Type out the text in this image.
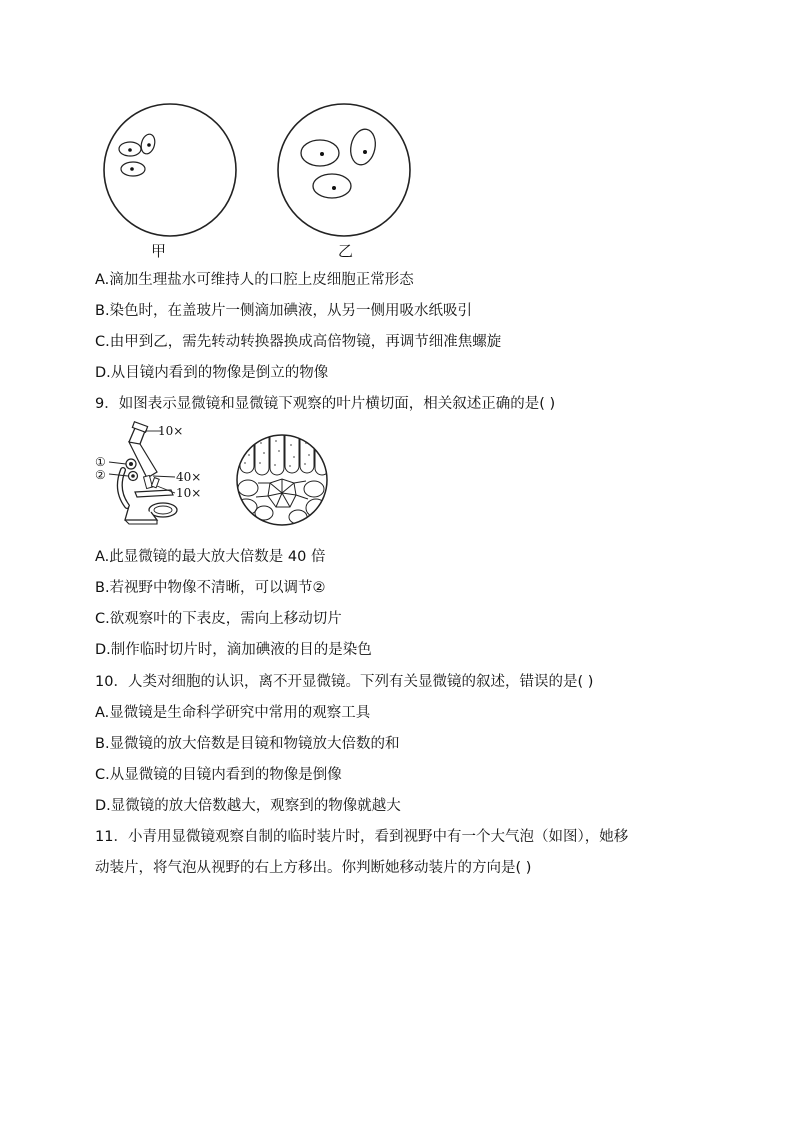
甲	乙
A.滴加生理盐水可维持人的口腔上皮细胞正常形态
B.染色时，在盖玻片一侧滴加碘液，从另一侧用吸水纸吸引
C.由甲到乙，需先转动转换器换成高倍物镜，再调节细准焦螺旋
D.从目镜内看到的物像是倒立的物像
9．如图表示显微镜和显微镜下观察的叶片横切面，相关叙述正确的是( )
10×
①
②	40×
10×
A.此显微镜的最大放大倍数是 40 倍
B.若视野中物像不清晰，可以调节②
C.欲观察叶的下表皮，需向上移动切片
D.制作临时切片时，滴加碘液的目的是染色
10．人类对细胞的认识，离不开显微镜。下列有关显微镜的叙述，错误的是( )
A.显微镜是生命科学研究中常用的观察工具
B.显微镜的放大倍数是目镜和物镜放大倍数的和
C.从显微镜的目镜内看到的物像是倒像
D.显微镜的放大倍数越大，观察到的物像就越大
11．小青用显微镜观察自制的临时装片时，看到视野中有一个大气泡（如图），她移
动装片，将气泡从视野的右上方移出。你判断她移动装片的方向是( )
